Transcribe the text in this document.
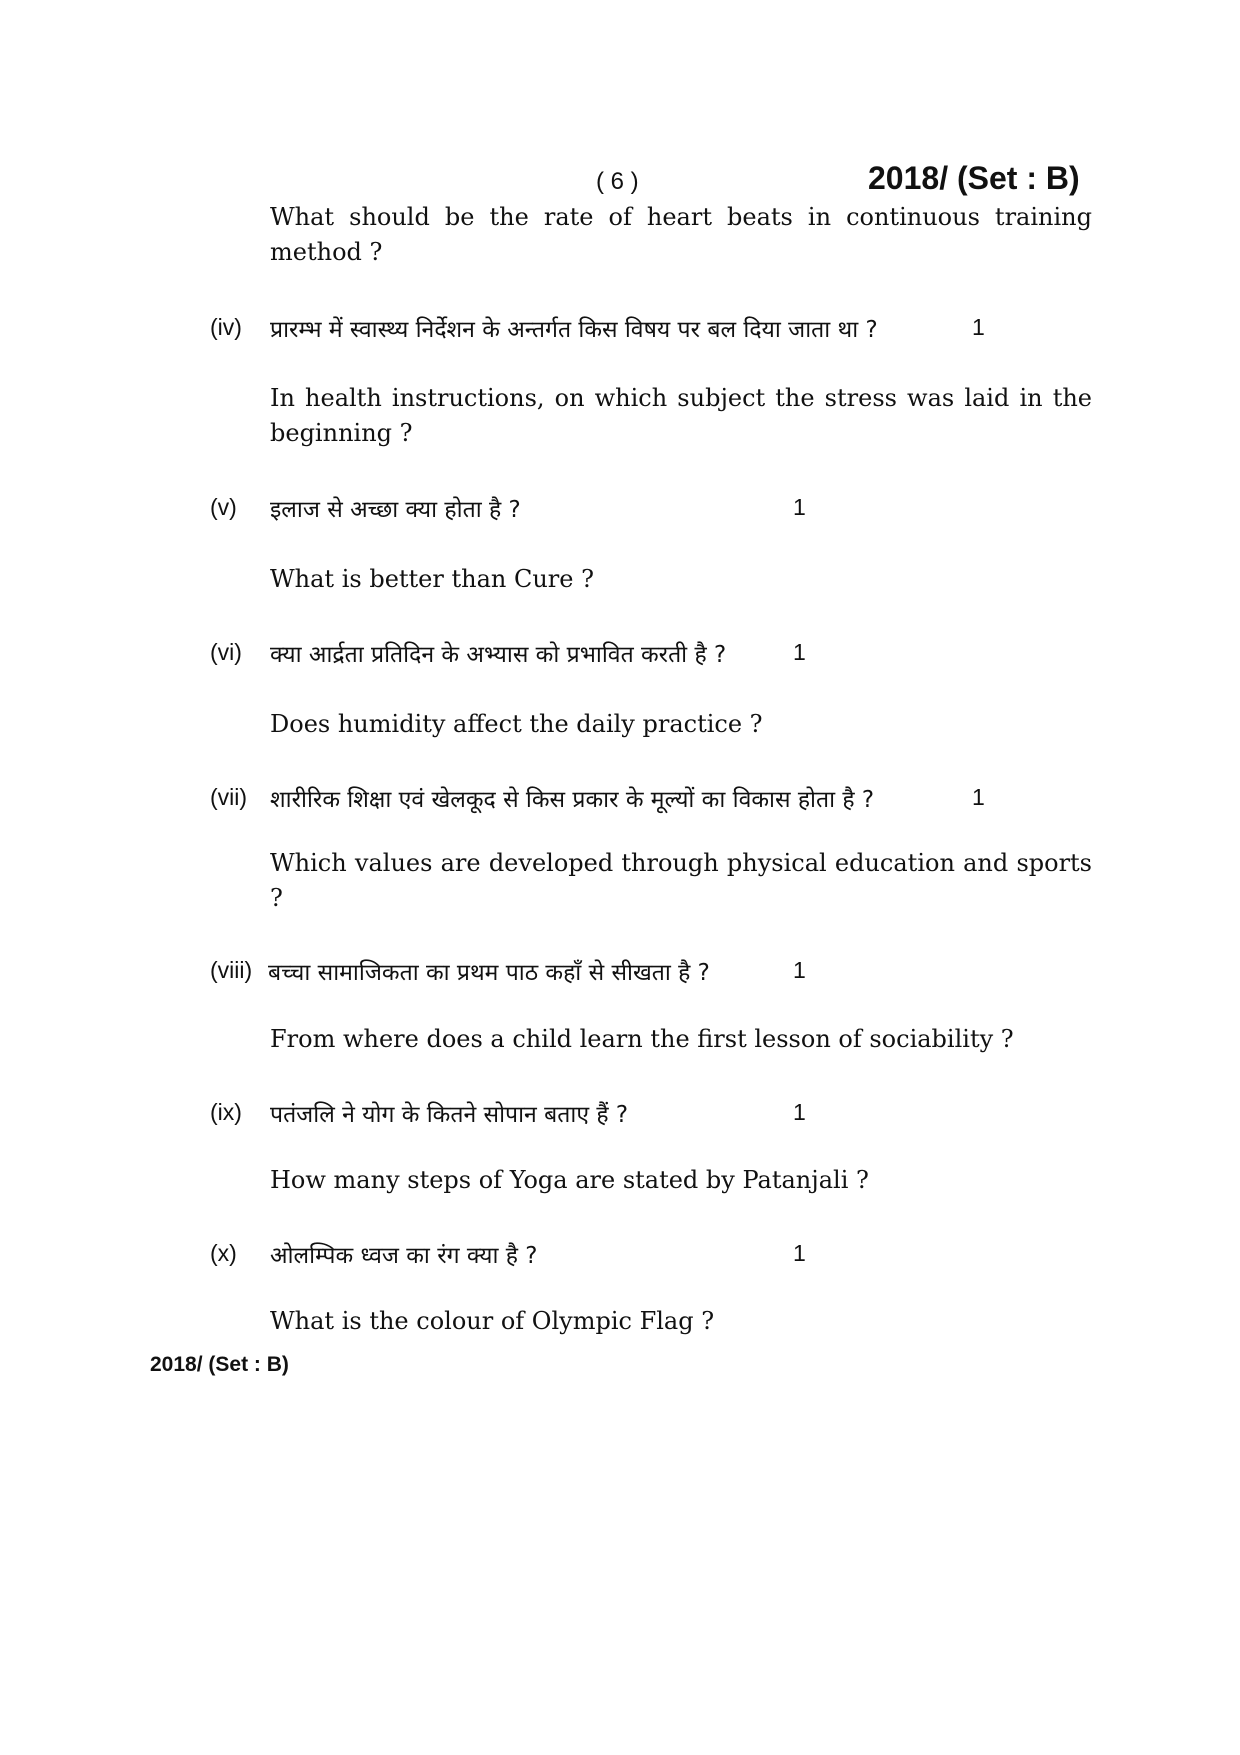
( 6 )	2018/ (Set : B)
What should be the rate of heart beats in continuous training method ?
(iv) प्रारम्भ में स्वास्थ्य निर्देशन के अन्तर्गत किस विषय पर बल दिया जाता था ?	1
In health instructions, on which subject the stress was laid in the beginning ?
(v) इलाज से अच्छा क्या होता है ?	1
What is better than Cure ?
(vi) क्या आर्द्रता प्रतिदिन के अभ्यास को प्रभावित करती है ?	1
Does humidity affect the daily practice ?
(vii) शारीरिक शिक्षा एवं खेलकूद से किस प्रकार के मूल्यों का विकास होता है ?	1
Which values are developed through physical education and sports ?
(viii) बच्चा सामाजिकता का प्रथम पाठ कहाँ से सीखता है ?	1
From where does a child learn the first lesson of sociability ?
(ix) पतंजलि ने योग के कितने सोपान बताए हैं ?	1
How many steps of Yoga are stated by Patanjali ?
(x) ओलम्पिक ध्वज का रंग क्या है ?	1
What is the colour of Olympic Flag ?
2018/ (Set : B)
